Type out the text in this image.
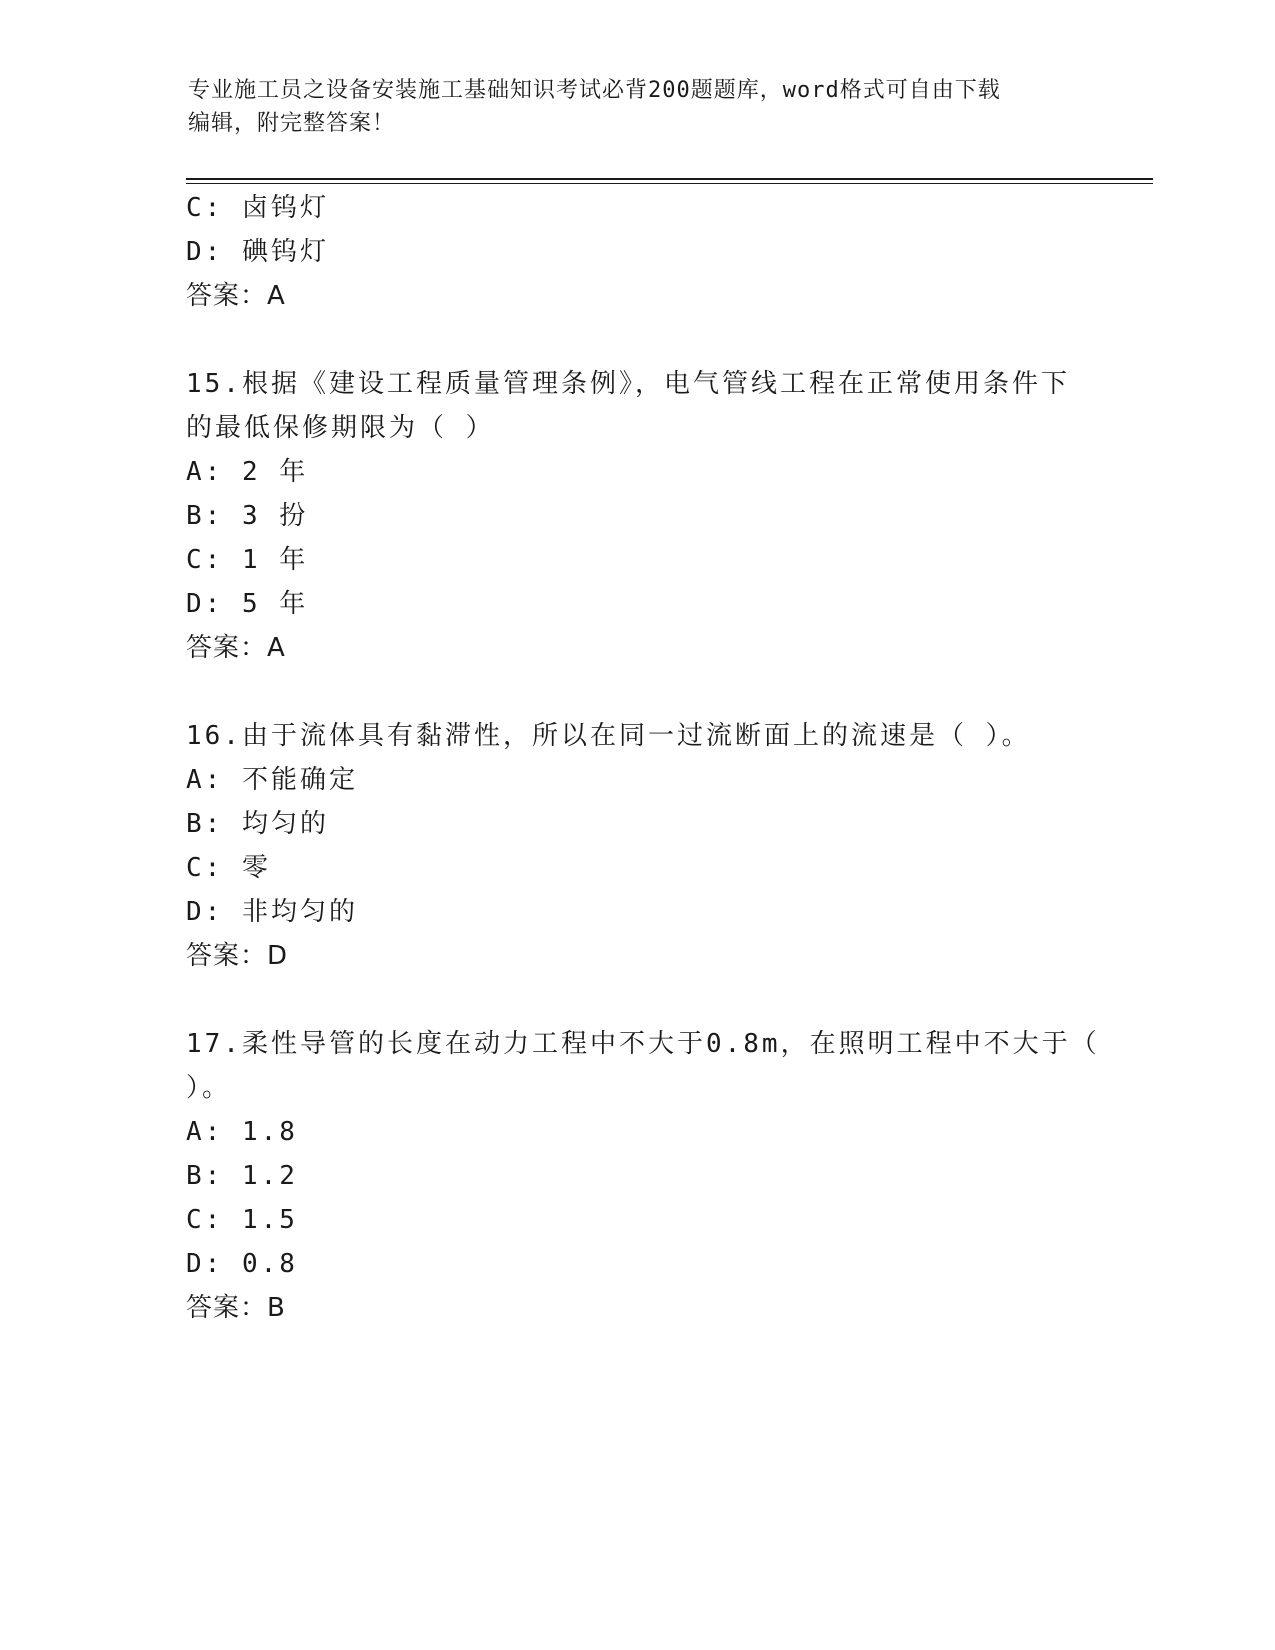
专业施工员之设备安装施工基础知识考试必背200题题库，word格式可自由下载
编辑，附完整答案！
C: 卤钨灯
D: 碘钨灯
答案：A
15.根据《建设工程质量管理条例》，电气管线工程在正常使用条件下
的最低保修期限为（ ）
A: 2 年
B: 3 扮
C: 1 年
D: 5 年
答案：A
16.由于流体具有黏滞性，所以在同一过流断面上的流速是（ ）。
A: 不能确定
B: 均匀的
C: 零
D: 非均匀的
答案：D
17.柔性导管的长度在动力工程中不大于0.8m，在照明工程中不大于（
）。
A: 1.8
B: 1.2
C: 1.5
D: 0.8
答案：B
